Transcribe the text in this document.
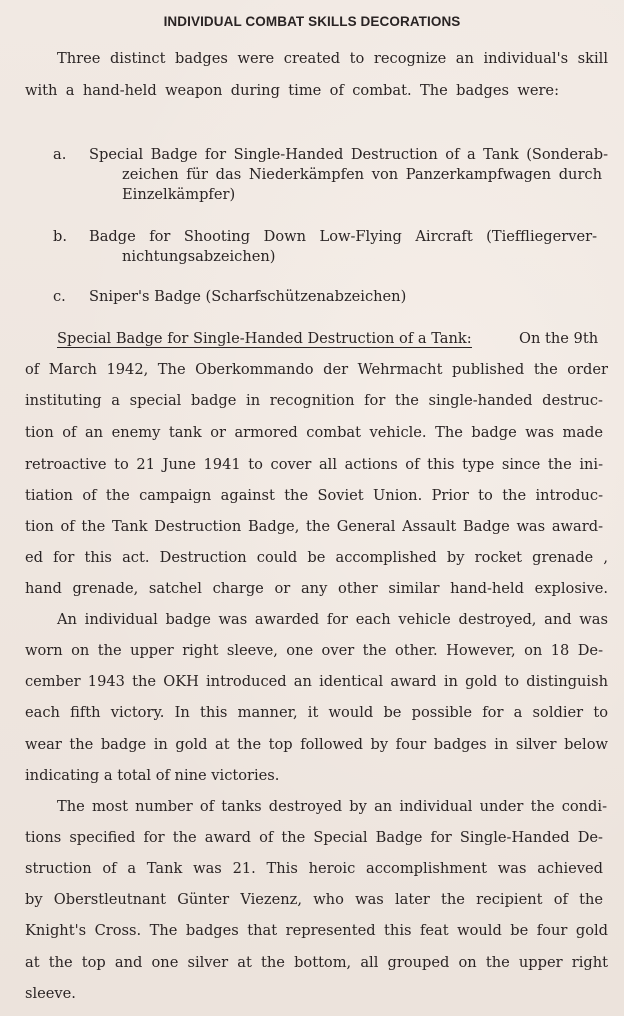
INDIVIDUAL COMBAT SKILLS DECORATIONS
Three distinct badges were created to recognize an individual's skill
with a hand-held weapon during time of combat. The badges were:
a. Special Badge for Single-Handed Destruction of a Tank (Sonderab-
zeichen für das Niederkämpfen von Panzerkampfwagen durch
Einzelkämpfer)
b. Badge for Shooting Down Low-Flying Aircraft (Tieffliegerver-
nichtungsabzeichen)
c. Sniper's Badge (Scharfschützenabzeichen)
Special Badge for Single-Handed Destruction of a Tank:	On the 9th
of March 1942, The Oberkommando der Wehrmacht published the order
instituting a special badge in recognition for the single-handed destruc-
tion of an enemy tank or armored combat vehicle. The badge was made
retroactive to 21 June 1941 to cover all actions of this type since the ini-
tiation of the campaign against the Soviet Union. Prior to the introduc-
tion of the Tank Destruction Badge, the General Assault Badge was award-
ed for this act. Destruction could be accomplished by rocket grenade ,
hand grenade, satchel charge or any other similar hand-held explosive.
An individual badge was awarded for each vehicle destroyed, and was
worn on the upper right sleeve, one over the other. However, on 18 De-
cember 1943 the OKH introduced an identical award in gold to distinguish
each fifth victory. In this manner, it would be possible for a soldier to
wear the badge in gold at the top followed by four badges in silver below
indicating a total of nine victories.
The most number of tanks destroyed by an individual under the condi-
tions specified for the award of the Special Badge for Single-Handed De-
struction of a Tank was 21. This heroic accomplishment was achieved
by Oberstleutnant Günter Viezenz, who was later the recipient of the
Knight's Cross. The badges that represented this feat would be four gold
at the top and one silver at the bottom, all grouped on the upper right
sleeve.
